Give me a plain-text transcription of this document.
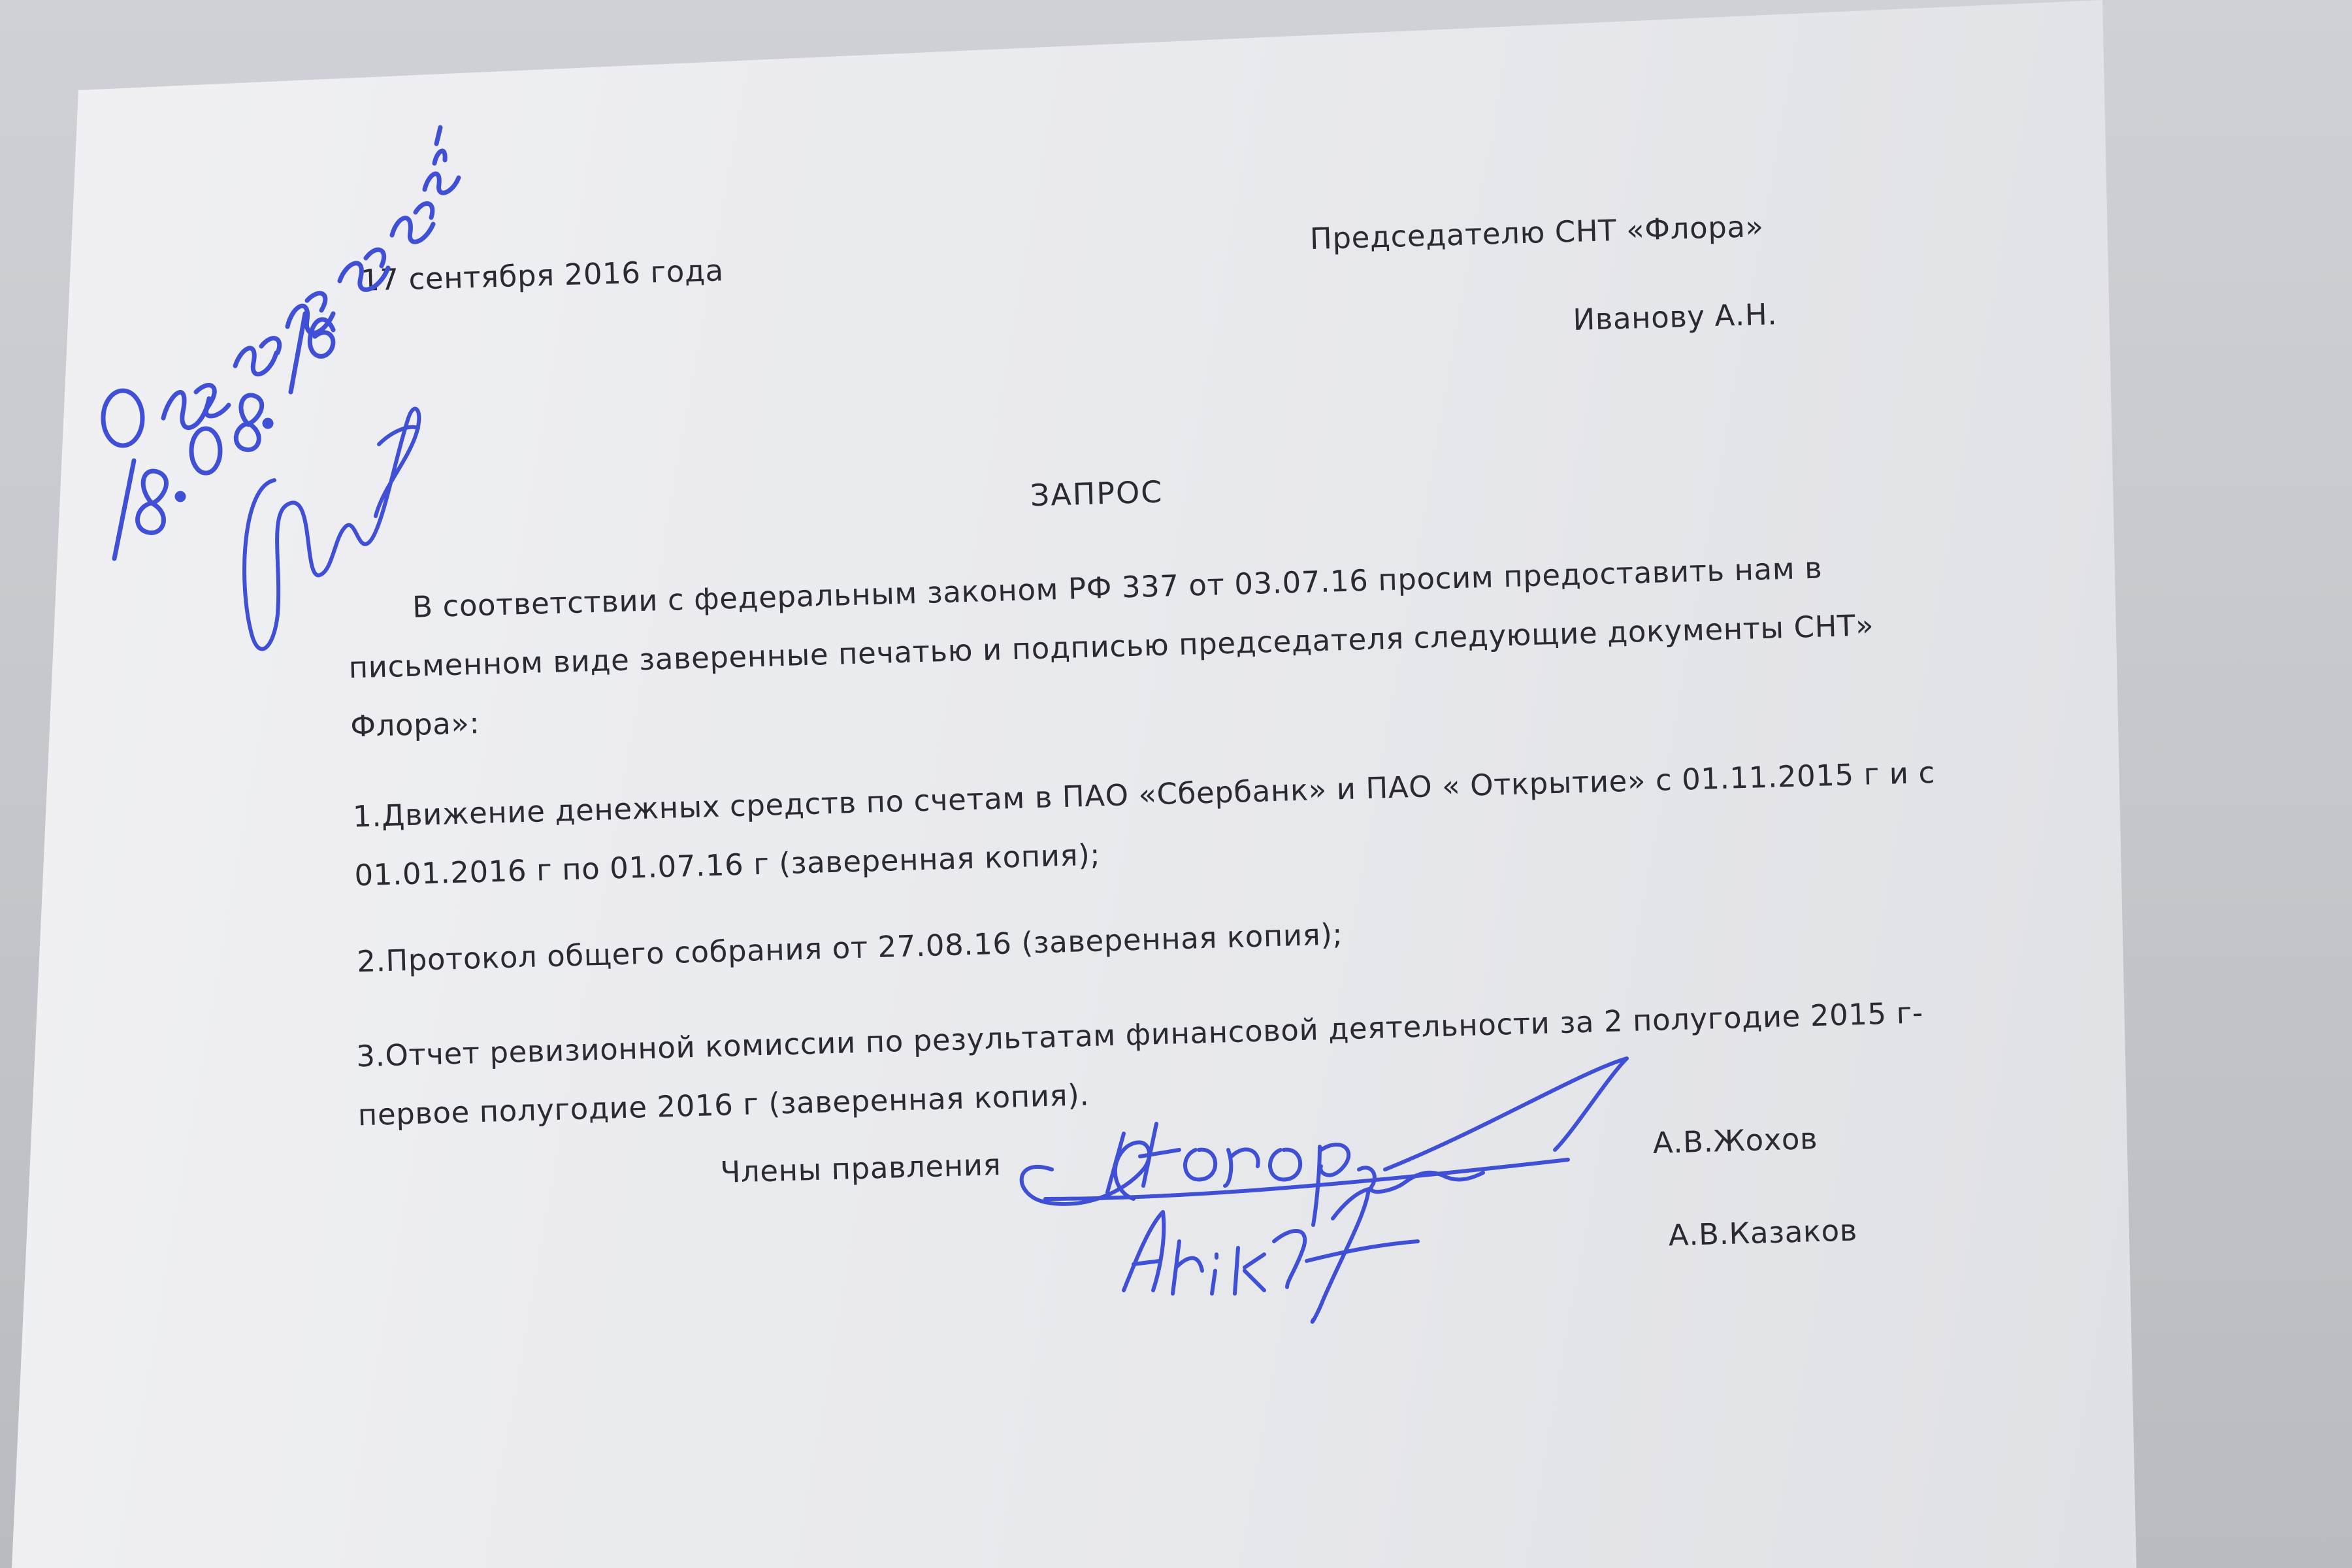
17 сентября 2016 года
Председателю СНТ «Флора»
Иванову А.Н.
ЗАПРОС
В соответствии с федеральным законом РФ 337 от 03.07.16 просим предоставить нам в
письменном виде заверенные печатью и подписью председателя следующие документы СНТ»
Флора»:
1.Движение денежных средств по счетам в ПАО «Сбербанк» и ПАО « Открытие» с 01.11.2015 г и с
01.01.2016 г по 01.07.16 г (заверенная копия);
2.Протокол общего собрания от 27.08.16 (заверенная копия);
3.Отчет ревизионной комиссии по результатам финансовой деятельности за 2 полугодие 2015 г-
первое полугодие 2016 г (заверенная копия).
Члены правления
А.В.Жохов
А.В.Казаков
